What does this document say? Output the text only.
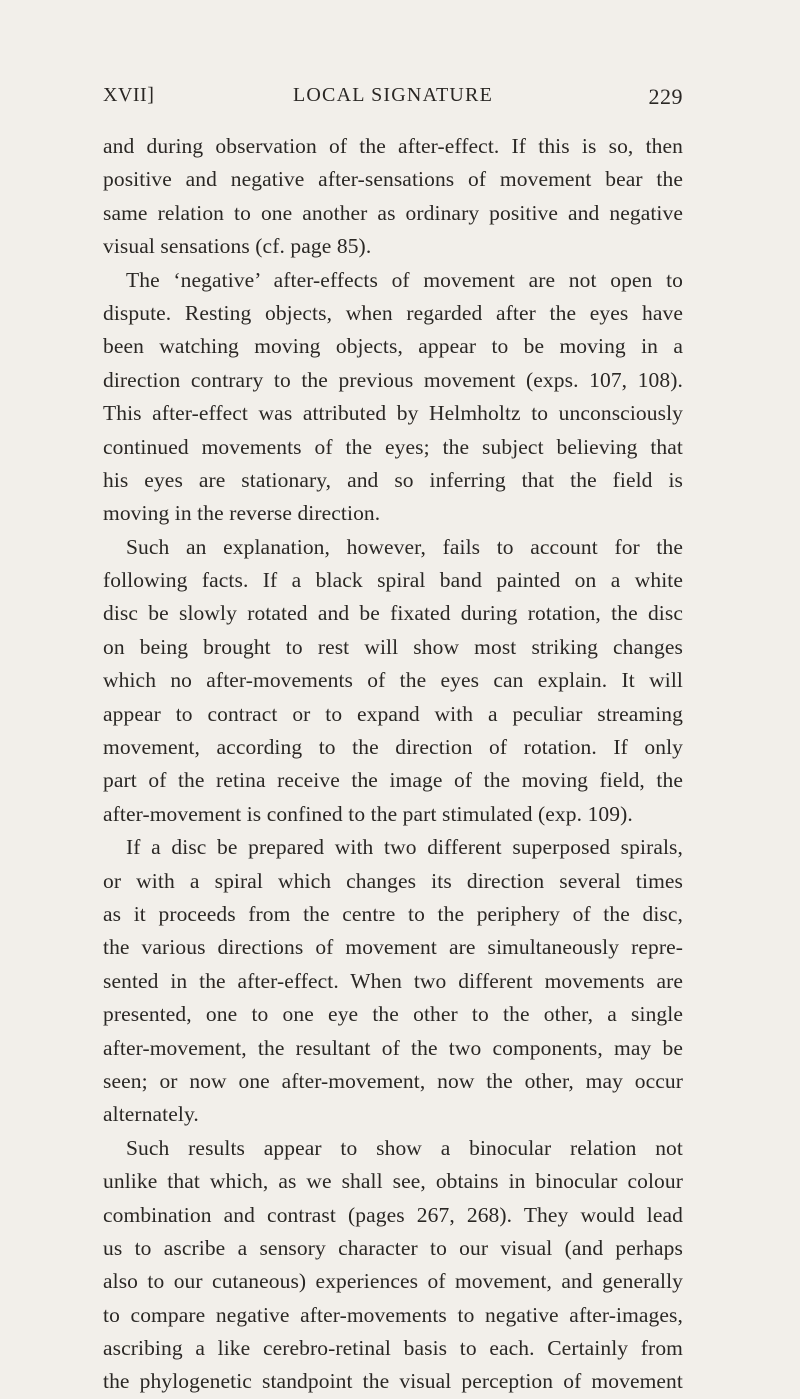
XVII]	LOCAL SIGNATURE	229
and during observation of the after-effect. If this is so, then
positive and negative after-sensations of movement bear the
same relation to one another as ordinary positive and negative
visual sensations (cf. page 85).
The ‘negative’ after-effects of movement are not open to
dispute. Resting objects, when regarded after the eyes have
been watching moving objects, appear to be moving in a
direction contrary to the previous movement (exps. 107, 108).
This after-effect was attributed by Helmholtz to unconsciously
continued movements of the eyes; the subject believing that
his eyes are stationary, and so inferring that the field is
moving in the reverse direction.
Such an explanation, however, fails to account for the
following facts. If a black spiral band painted on a white
disc be slowly rotated and be fixated during rotation, the disc
on being brought to rest will show most striking changes
which no after-movements of the eyes can explain. It will
appear to contract or to expand with a peculiar streaming
movement, according to the direction of rotation. If only
part of the retina receive the image of the moving field, the
after-movement is confined to the part stimulated (exp. 109).
If a disc be prepared with two different superposed spirals,
or with a spiral which changes its direction several times
as it proceeds from the centre to the periphery of the disc,
the various directions of movement are simultaneously repre-
sented in the after-effect. When two different movements are
presented, one to one eye the other to the other, a single
after-movement, the resultant of the two components, may be
seen; or now one after-movement, now the other, may occur
alternately.
Such results appear to show a binocular relation not
unlike that which, as we shall see, obtains in binocular colour
combination and contrast (pages 267, 268). They would lead
us to ascribe a sensory character to our visual (and perhaps
also to our cutaneous) experiences of movement, and generally
to compare negative after-movements to negative after-images,
ascribing a like cerebro-retinal basis to each. Certainly from
the phylogenetic standpoint the visual perception of movement
